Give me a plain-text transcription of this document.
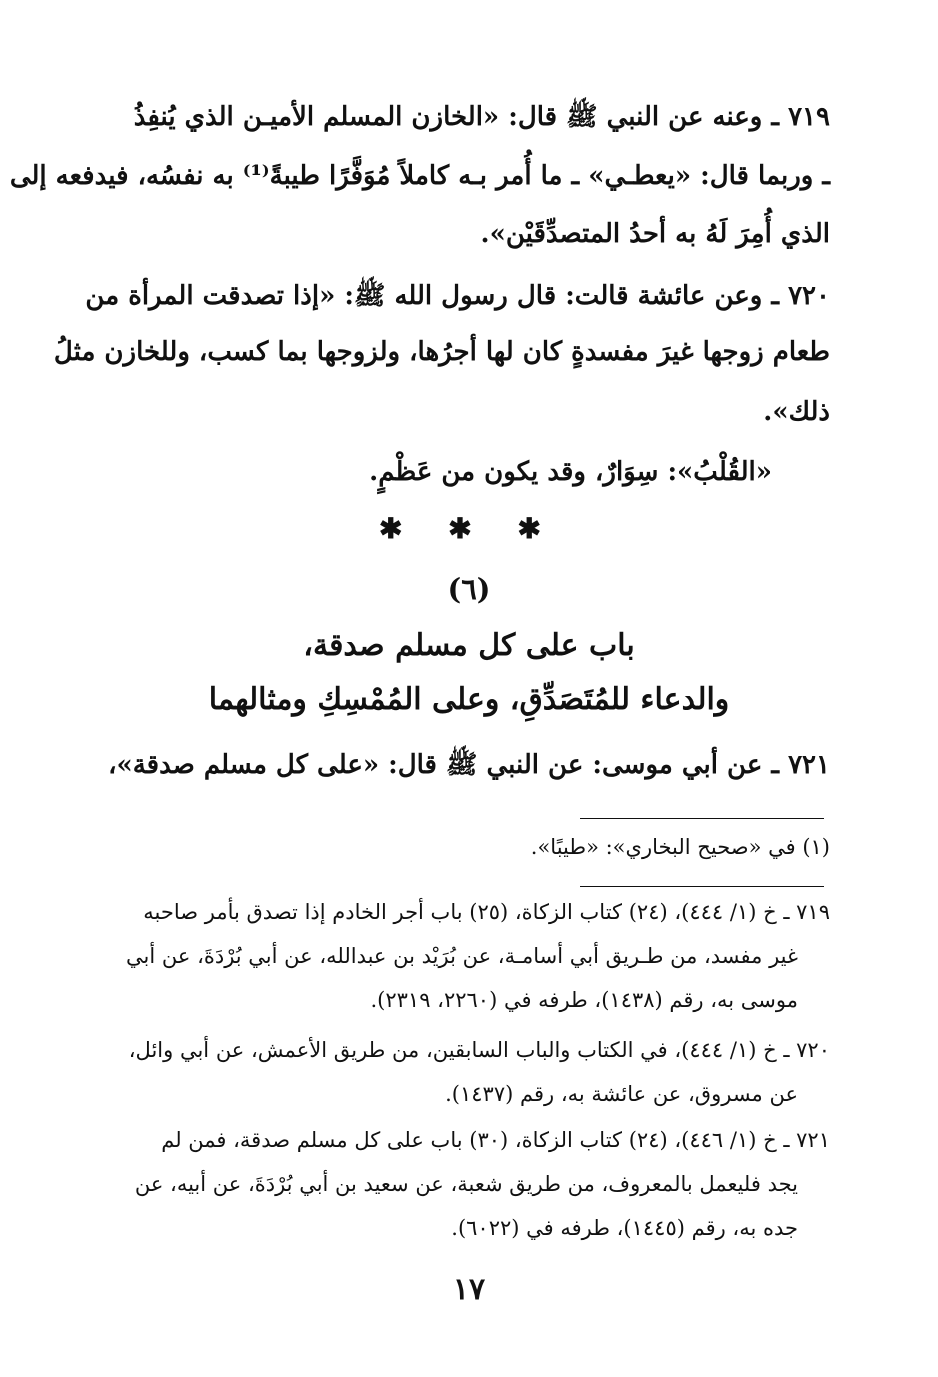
٧١٩ ـ وعنه عن النبي ﷺ قال: «الخازن المسلم الأميـن الذي يُنفِذُ
ـ وربما قال: «يعطـي» ـ ما أُمر بـه كاملاً مُوَفَّرًا طيبةً⁽¹⁾ به نفسُه، فيدفعه إلى
الذي أُمِرَ لَهُ به أحدُ المتصدِّقَيْن».
٧٢٠ ـ وعن عائشة قالت: قال رسول الله ﷺ: «إذا تصدقت المرأة من
طعام زوجها غيرَ مفسدةٍ كان لها أجرُها، ولزوجها بما كسب، وللخازن مثلُ
ذلك».
«القُلْبُ»: سِوَارٌ، وقد يكون من عَظْمٍ.
✱ ✱ ✱
(٦)
باب على كل مسلم صدقة،
والدعاء للمُتَصَدِّقِ، وعلى المُمْسِكِ ومثالهما
٧٢١ ـ عن أبي موسى: عن النبي ﷺ قال: «على كل مسلم صدقة»،
(١) في «صحيح البخاري»: «طيبًا».
٧١٩ ـ خ (١/ ٤٤٤)، (٢٤) كتاب الزكاة، (٢٥) باب أجر الخادم إذا تصدق بأمر صاحبه
غير مفسد، من طـريق أبي أسامـة، عن بُرَيْد بن عبدالله، عن أبي بُرْدَةَ، عن أبي
موسى به، رقم (١٤٣٨)، طرفه في (٢٢٦٠، ٢٣١٩).
٧٢٠ ـ خ (١/ ٤٤٤)، في الكتاب والباب السابقين، من طريق الأعمش، عن أبي وائل،
عن مسروق، عن عائشة به، رقم (١٤٣٧).
٧٢١ ـ خ (١/ ٤٤٦)، (٢٤) كتاب الزكاة، (٣٠) باب على كل مسلم صدقة، فمن لم
يجد فليعمل بالمعروف، من طريق شعبة، عن سعيد بن أبي بُرْدَةَ، عن أبيه، عن
جده به، رقم (١٤٤٥)، طرفه في (٦٠٢٢).
١٧
